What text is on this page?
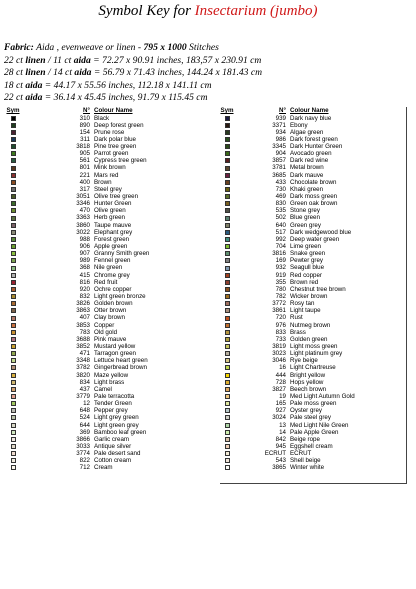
Symbol Key for Insectarium (jumbo)
Fabric: Aida , evenweave or linen - 795 x 1000 Stitches
22 ct linen / 11 ct aida = 72.27 x 90.91 inches, 183,57 x 230.91 cm
28 ct linen / 14 ct aida = 56.79 x 71.43 inches, 144.24 x 181.43 cm
18 ct aida = 44.17 x 55.56 inches, 112.18 x 141.11 cm
22 ct aida = 36.14 x 45.45 inches, 91.79 x 115.45 cm
Sym	N° Colour Name
310 Black
890 Deep forest green
154 Prune rose
311 Dark polar blue
3818 Pine tree green
905 Parrot green
561 Cypress tree green
801 Mink brown
221 Mars red
400 Brown
317 Steel grey
3051 Olive tree green
3346 Hunter Green
470 Olive green
3363 Herb green
3860 Taupe mauve
3022 Elephant grey
988 Forest green
906 Apple green
907 Granny Smith green
989 Fennel green
368 Nile green
415 Chrome grey
816 Red fruit
920 Ochre copper
832 Light green bronze
3826 Golden brown
3863 Otter brown
407 Clay brown
3853 Copper
783 Old gold
3688 Pink mauve
3852 Mustard yellow
471 Tarragon green
3348 Lettuce heart green
3782 Gingerbread brown
3820 Maze yellow
834 Light brass
437 Camel
3779 Pale terracotta
12 Tender Green
648 Pepper grey
524 Light grey green
644 Light green grey
369 Bamboo leaf green
3866 Garlic cream
3033 Antique silver
3774 Pale desert sand
822 Cotton cream
712 Cream
Sym	N° Colour Name
939 Dark navy blue
3371 Ebony
934 Algae green
986 Dark forest green
3345 Dark Hunter Green
904 Avocado green
3857 Dark red wine
3781 Metal brown
3685 Dark mauve
433 Chocolate brown
730 Khaki green
469 Dark moss green
830 Green oak brown
535 Stone grey
502 Blue green
640 Green grey
517 Dark wedgewood blue
992 Deep water green
704 Lime green
3816 Snake green
169 Pewter grey
932 Seagull blue
919 Red copper
355 Brown red
780 Chestnut tree brown
782 Wicker brown
3772 Rosy tan
3861 Light taupe
720 Rust
976 Nutmeg brown
833 Brass
733 Golden green
3819 Light moss green
3023 Light platinum grey
3046 Rye beige
16 Light Chartreuse
444 Bright yellow
728 Hops yellow
3827 Beech brown
19 Med Light Autumn Gold
165 Pale moss green
927 Oyster grey
3024 Pale steel grey
13 Med Light Nile Green
14 Pale Apple Green
842 Beige rope
945 Eggshell cream
ECRUT ECRUT
543 Shell beige
3865 Winter white
